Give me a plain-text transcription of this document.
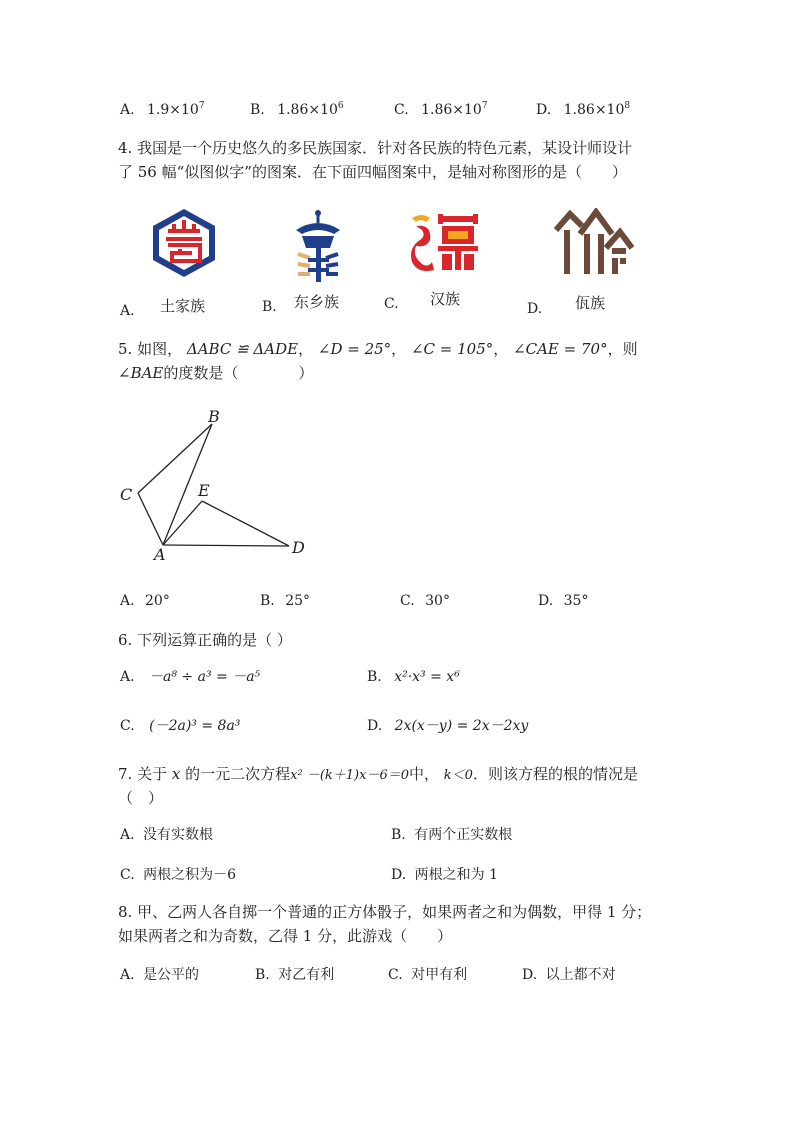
A. $1.9\times 10^7$	B. $1.86\times 10^6$	C. $1.86\times 10^7$	D. $1.86\times 10^8$
4. 我国是一个历史悠久的多民族国家．针对各民族的特色元素，某设计师设计
了 56 幅“似图似字”的图案．在下面四幅图案中，是轴对称图形的是（　　）
A. 土家族	B. 东乡族	C. 汉族
D. 佤族
5. 如图， ΔABC ≌ ΔADE， ∠D = 25°， ∠C = 105°， ∠CAE = 70°，则
∠BAE的度数是（　　　　）
B
C	E
A	D
A. 20°	B. 25°	C. 30°	D. 35°
6. 下列运算正确的是（ ）
A. －a⁸ ÷ a³ = －a⁵	B. x²·x³ = x⁶
C. (－2a)³ = 8a³	D. 2x(x－y) = 2x－2xy
7. 关于 x 的一元二次方程x² －(k＋1)x－6＝0中， k＜0．则该方程的根的情况是
（　）
A. 没有实数根	B. 有两个正实数根
C. 两根之积为－6	D. 两根之和为 1
8. 甲、乙两人各自掷一个普通的正方体骰子，如果两者之和为偶数，甲得 1 分；
如果两者之和为奇数，乙得 1 分，此游戏（　　）
A. 是公平的	B. 对乙有利	C. 对甲有利	D. 以上都不对
